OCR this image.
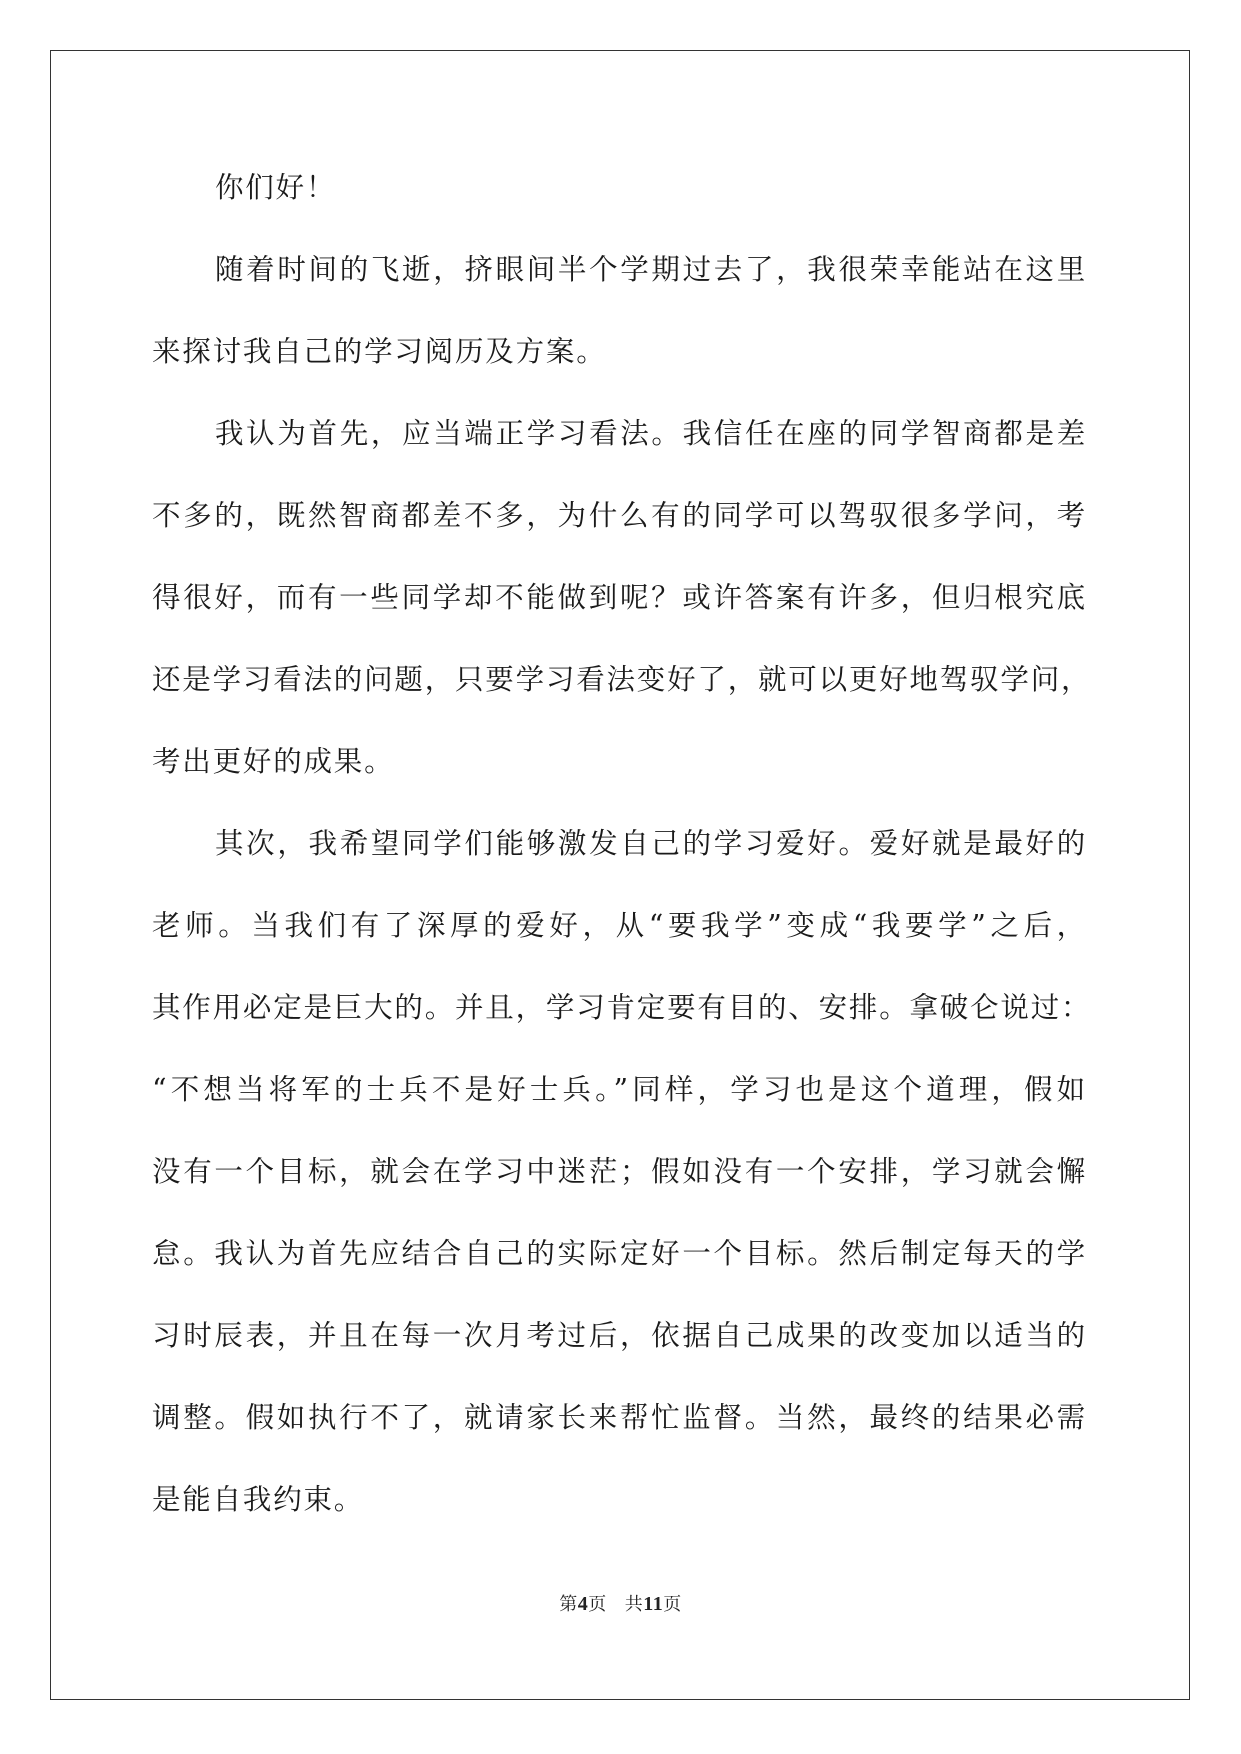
你们好！
随着时间的飞逝，挤眼间半个学期过去了，我很荣幸能站在这里
来探讨我自己的学习阅历及方案。
我认为首先，应当端正学习看法。我信任在座的同学智商都是差
不多的，既然智商都差不多，为什么有的同学可以驾驭很多学问，考
得很好，而有一些同学却不能做到呢？或许答案有许多，但归根究底
还是学习看法的问题，只要学习看法变好了，就可以更好地驾驭学问，
考出更好的成果。
其次，我希望同学们能够激发自己的学习爱好。爱好就是最好的
老师。当我们有了深厚的爱好，从“要我学”变成“我要学”之后，
其作用必定是巨大的。并且，学习肯定要有目的、安排。拿破仑说过：
“不想当将军的士兵不是好士兵。”同样，学习也是这个道理，假如
没有一个目标，就会在学习中迷茫；假如没有一个安排，学习就会懈
怠。我认为首先应结合自己的实际定好一个目标。然后制定每天的学
习时辰表，并且在每一次月考过后，依据自己成果的改变加以适当的
调整。假如执行不了，就请家长来帮忙监督。当然，最终的结果必需
是能自我约束。
第4页 共11页
